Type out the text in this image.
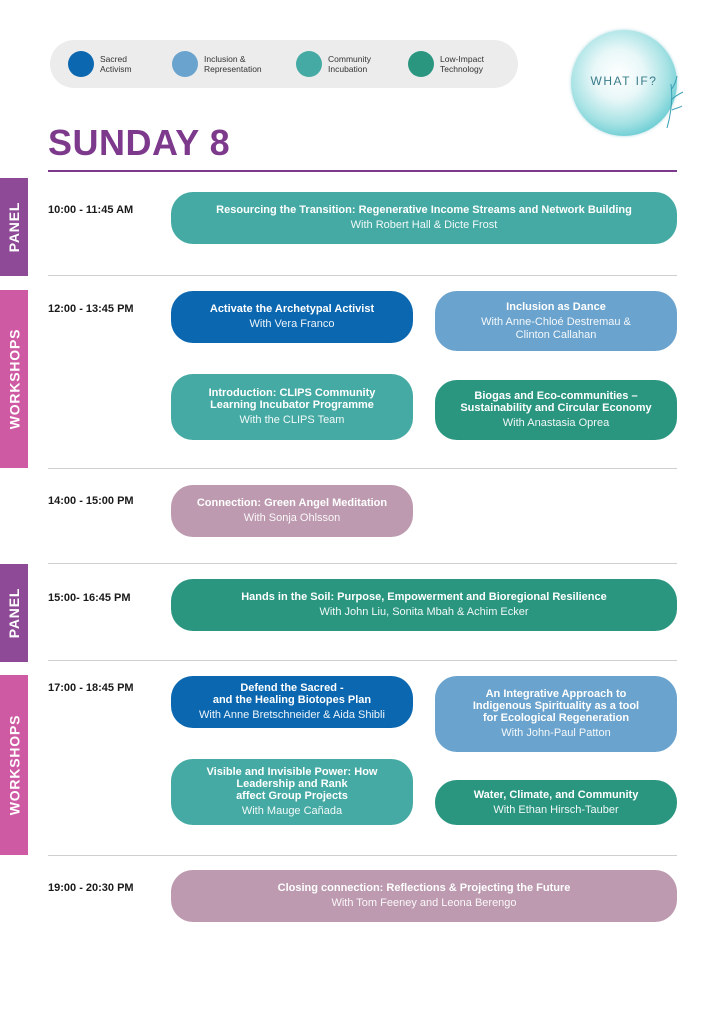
Sacred
Activism
Inclusion &
Representation
Community
Incubation
Low-Impact
Technology
WHAT IF?
SUNDAY 8
PANEL
WORKSHOPS
PANEL
WORKSHOPS
10:00 - 11:45 AM
12:00 - 13:45 PM
14:00 - 15:00 PM
15:00- 16:45 PM
17:00 - 18:45 PM
19:00 - 20:30 PM
Resourcing the Transition: Regenerative Income Streams and Network Building
With Robert Hall & Dicte Frost
Activate the Archetypal Activist
With Vera Franco
Inclusion as Dance
With Anne-Chloé Destremau &
Clinton Callahan
Introduction: CLIPS Community
Learning Incubator Programme
With the CLIPS Team
Biogas and Eco-communities –
Sustainability and Circular Economy
With Anastasia Oprea
Connection: Green Angel Meditation
With Sonja Ohlsson
Hands in the Soil: Purpose, Empowerment and Bioregional Resilience
With John Liu, Sonita Mbah & Achim Ecker
Defend the Sacred -
and the Healing Biotopes Plan
With Anne Bretschneider & Aida Shibli
An Integrative Approach to
Indigenous Spirituality as a tool
for Ecological Regeneration
With John-Paul Patton
Visible and Invisible Power: How
Leadership and Rank
affect Group Projects
With Mauge Cañada
Water, Climate, and Community
With Ethan Hirsch-Tauber
Closing connection: Reflections & Projecting the Future
With Tom Feeney and Leona Berengo
